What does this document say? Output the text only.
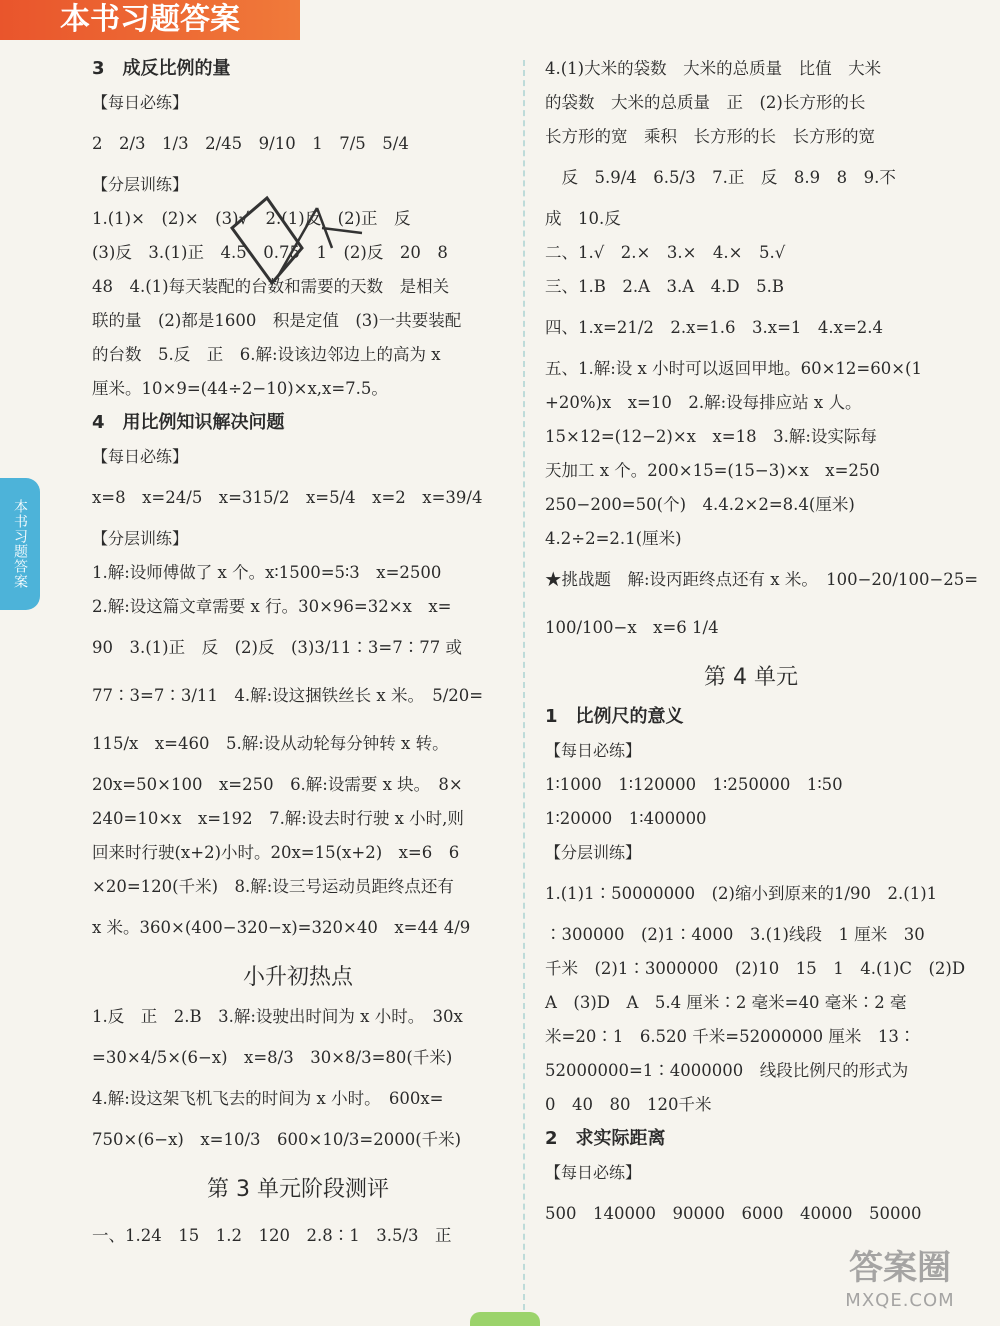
本书习题答案
本书习题答案
3　成反比例的量
【每日必练】
2　2/3　1/3　2/45　9/10　1　7/5　5/4
【分层训练】
1.(1)×　(2)×　(3)√　2.(1)反　(2)正　反
(3)反　3.(1)正　4.5　0.75　1　(2)反　20　8
48　4.(1)每天装配的台数和需要的天数　是相关
联的量　(2)都是1600　积是定值　(3)一共要装配
的台数　5.反　正　6.解:设该边邻边上的高为 x
厘米。10×9=(44÷2−10)×x,x=7.5。
4　用比例知识解决问题
【每日必练】
x=8　x=24/5　x=315/2　x=5/4　x=2　x=39/4
【分层训练】
1.解:设师傅做了 x 个。x∶1500=5∶3　x=2500
2.解:设这篇文章需要 x 行。30×96=32×x　x=
90　3.(1)正　反　(2)反　(3)3/11∶3=7∶77 或
77∶3=7∶3/11　4.解:设这捆铁丝长 x 米。　5/20=
115/x　x=460　5.解:设从动轮每分钟转 x 转。
20x=50×100　x=250　6.解:设需要 x 块。　8×
240=10×x　x=192　7.解:设去时行驶 x 小时,则
回来时行驶(x+2)小时。20x=15(x+2)　x=6　6
×20=120(千米)　8.解:设三号运动员距终点还有
x 米。360×(400−320−x)=320×40　x=44 4/9
小升初热点
1.反　正　2.B　3.解:设驶出时间为 x 小时。　30x
=30×4/5×(6−x)　x=8/3　30×8/3=80(千米)
4.解:设这架飞机飞去的时间为 x 小时。　600x=
750×(6−x)　x=10/3　600×10/3=2000(千米)
第 3 单元阶段测评
一、1.24　15　1.2　120　2.8∶1　3.5/3　正
4.(1)大米的袋数　大米的总质量　比值　大米
的袋数　大米的总质量　正　(2)长方形的长
长方形的宽　乘积　长方形的长　长方形的宽
　反　5.9/4　6.5/3　7.正　反　8.9　8　9.不
成　10.反
二、1.√　2.×　3.×　4.×　5.√
三、1.B　2.A　3.A　4.D　5.B
四、1.x=21/2　2.x=1.6　3.x=1　4.x=2.4
五、1.解:设 x 小时可以返回甲地。60×12=60×(1
+20%)x　x=10　2.解:设每排应站 x 人。
15×12=(12−2)×x　x=18　3.解:设实际每
天加工 x 个。200×15=(15−3)×x　x=250
250−200=50(个)　4.4.2×2=8.4(厘米)
4.2÷2=2.1(厘米)
★挑战题　解:设丙距终点还有 x 米。　100−20/100−25=
100/100−x　x=6 1/4
第 4 单元
1　比例尺的意义
【每日必练】
1∶1000　1∶120000　1∶250000　1∶50
1∶20000　1∶400000
【分层训练】
1.(1)1∶50000000　(2)缩小到原来的1/90　2.(1)1
∶300000　(2)1∶4000　3.(1)线段　1 厘米　30
千米　(2)1∶3000000　(2)10　15　1　4.(1)C　(2)D
A　(3)D　A　5.4 厘米∶2 毫米=40 毫米∶2 毫
米=20∶1　6.520 千米=52000000 厘米　13∶
52000000=1∶4000000　线段比例尺的形式为
0　40　80　120千米
2　求实际距离
【每日必练】
500　140000　90000　6000　40000　50000
答案圈
MXQE.COM
